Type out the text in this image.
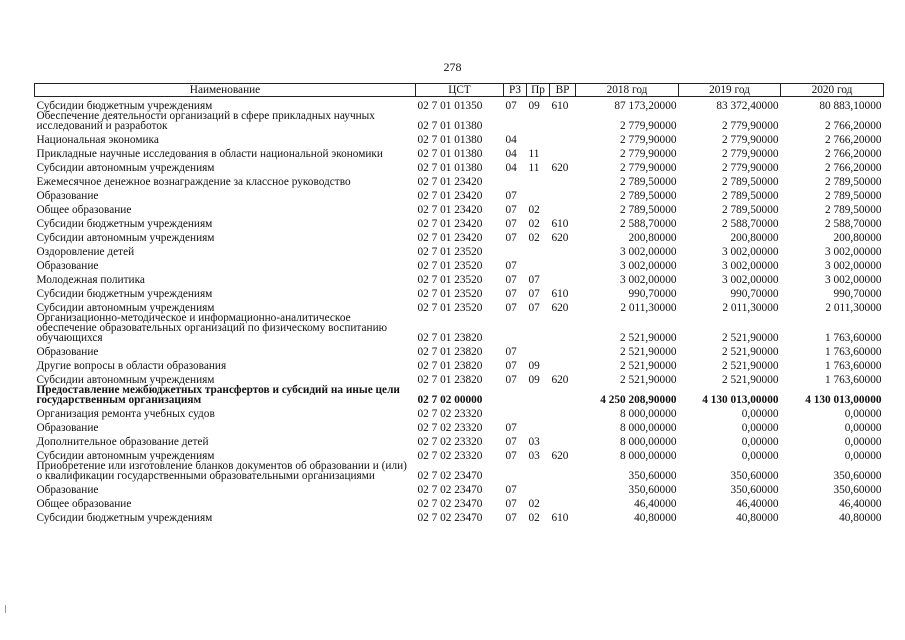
278
Наименование	ЦСТ	РЗ	Пр	ВР	2018 год	2019 год	2020 год
Субсидии бюджетным учреждениям	02 7 01 01350	07	09	610	87 173,20000	83 372,40000	80 883,10000
Обеспечение деятельности организаций в сфере прикладных научных исследований и разработок	02 7 01 01380				2 779,90000	2 779,90000	2 766,20000
Национальная экономика	02 7 01 01380	04			2 779,90000	2 779,90000	2 766,20000
Прикладные научные исследования в области национальной экономики	02 7 01 01380	04	11		2 779,90000	2 779,90000	2 766,20000
Субсидии автономным учреждениям	02 7 01 01380	04	11	620	2 779,90000	2 779,90000	2 766,20000
Ежемесячное денежное вознаграждение за классное руководство	02 7 01 23420				2 789,50000	2 789,50000	2 789,50000
Образование	02 7 01 23420	07			2 789,50000	2 789,50000	2 789,50000
Общее образование	02 7 01 23420	07	02		2 789,50000	2 789,50000	2 789,50000
Субсидии бюджетным учреждениям	02 7 01 23420	07	02	610	2 588,70000	2 588,70000	2 588,70000
Субсидии автономным учреждениям	02 7 01 23420	07	02	620	200,80000	200,80000	200,80000
Оздоровление детей	02 7 01 23520				3 002,00000	3 002,00000	3 002,00000
Образование	02 7 01 23520	07			3 002,00000	3 002,00000	3 002,00000
Молодежная политика	02 7 01 23520	07	07		3 002,00000	3 002,00000	3 002,00000
Субсидии бюджетным учреждениям	02 7 01 23520	07	07	610	990,70000	990,70000	990,70000
Субсидии автономным учреждениям	02 7 01 23520	07	07	620	2 011,30000	2 011,30000	2 011,30000
Организационно-методическое и информационно-аналитическое обеспечение образовательных организаций по физическому воспитанию обучающихся	02 7 01 23820				2 521,90000	2 521,90000	1 763,60000
Образование	02 7 01 23820	07			2 521,90000	2 521,90000	1 763,60000
Другие вопросы в области образования	02 7 01 23820	07	09		2 521,90000	2 521,90000	1 763,60000
Субсидии автономным учреждениям	02 7 01 23820	07	09	620	2 521,90000	2 521,90000	1 763,60000
Предоставление межбюджетных трансфертов и субсидий на иные цели государственным организациям	02 7 02 00000				4 250 208,90000	4 130 013,00000	4 130 013,00000
Организация ремонта учебных судов	02 7 02 23320				8 000,00000	0,00000	0,00000
Образование	02 7 02 23320	07			8 000,00000	0,00000	0,00000
Дополнительное образование детей	02 7 02 23320	07	03		8 000,00000	0,00000	0,00000
Субсидии автономным учреждениям	02 7 02 23320	07	03	620	8 000,00000	0,00000	0,00000
Приобретение или изготовление бланков документов об образовании и (или) о квалификации государственными образовательными организациями	02 7 02 23470				350,60000	350,60000	350,60000
Образование	02 7 02 23470	07			350,60000	350,60000	350,60000
Общее образование	02 7 02 23470	07	02		46,40000	46,40000	46,40000
Субсидии бюджетным учреждениям	02 7 02 23470	07	02	610	40,80000	40,80000	40,80000
